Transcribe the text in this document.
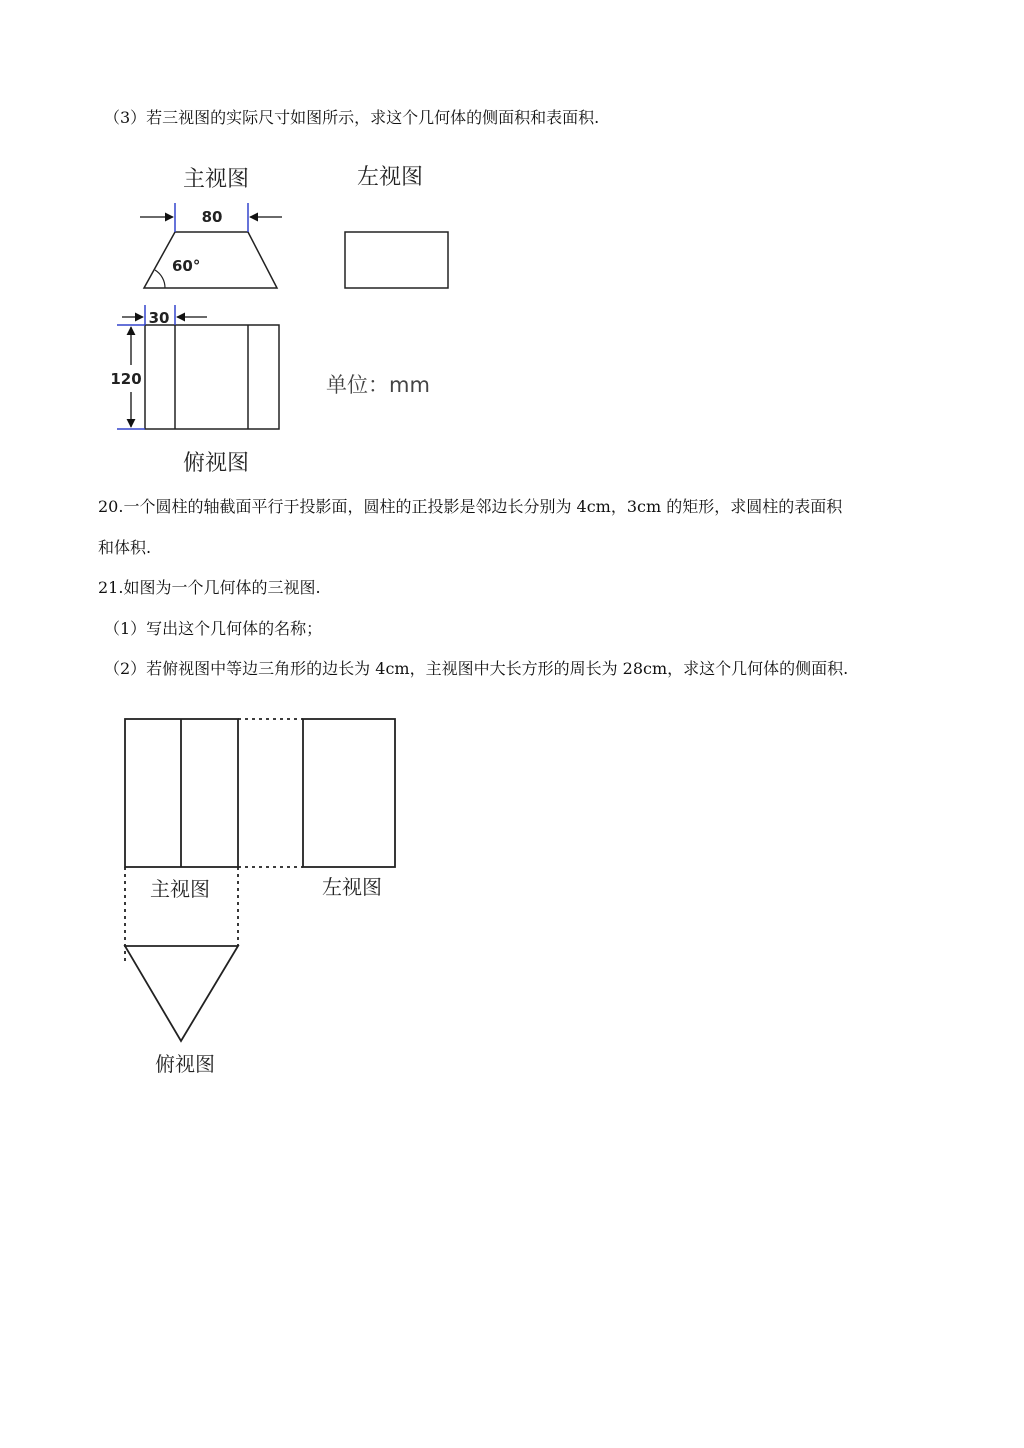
（3）若三视图的实际尺寸如图所示，求这个几何体的侧面积和表面积.
20.一个圆柱的轴截面平行于投影面，圆柱的正投影是邻边长分别为 4cm，3cm 的矩形，求圆柱的表面积
和体积.
21.如图为一个几何体的三视图.
（1）写出这个几何体的名称；
（2）若俯视图中等边三角形的边长为 4cm，主视图中大长方形的周长为 28cm，求这个几何体的侧面积.
主视图
80
60°
左视图
30
120	单位：mm
俯视图
主视图	左视图
俯视图
